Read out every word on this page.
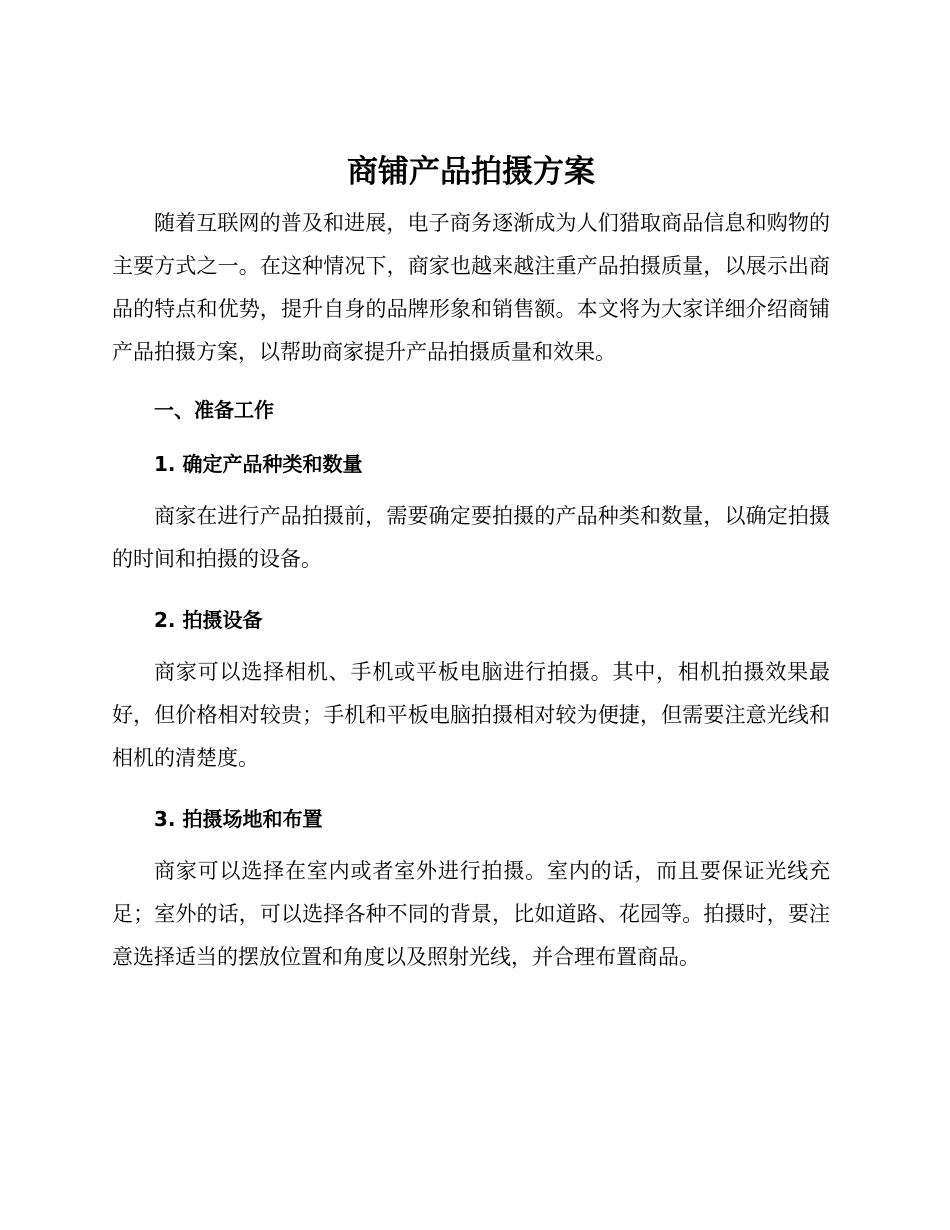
商铺产品拍摄方案

随着互联网的普及和进展，电子商务逐渐成为人们猎取商品信息和购物的主要方式之一。在这种情况下，商家也越来越注重产品拍摄质量，以展示出商品的特点和优势，提升自身的品牌形象和销售额。本文将为大家详细介绍商铺产品拍摄方案，以帮助商家提升产品拍摄质量和效果。

一、准备工作
1. 确定产品种类和数量

商家在进行产品拍摄前，需要确定要拍摄的产品种类和数量，以确定拍摄的时间和拍摄的设备。

2. 拍摄设备

商家可以选择相机、手机或平板电脑进行拍摄。其中，相机拍摄效果最好，但价格相对较贵；手机和平板电脑拍摄相对较为便捷，但需要注意光线和相机的清楚度。

3. 拍摄场地和布置

商家可以选择在室内或者室外进行拍摄。室内的话，而且要保证光线充足；室外的话，可以选择各种不同的背景，比如道路、花园等。拍摄时，要注意选择适当的摆放位置和角度以及照射光线，并合理布置商品。
